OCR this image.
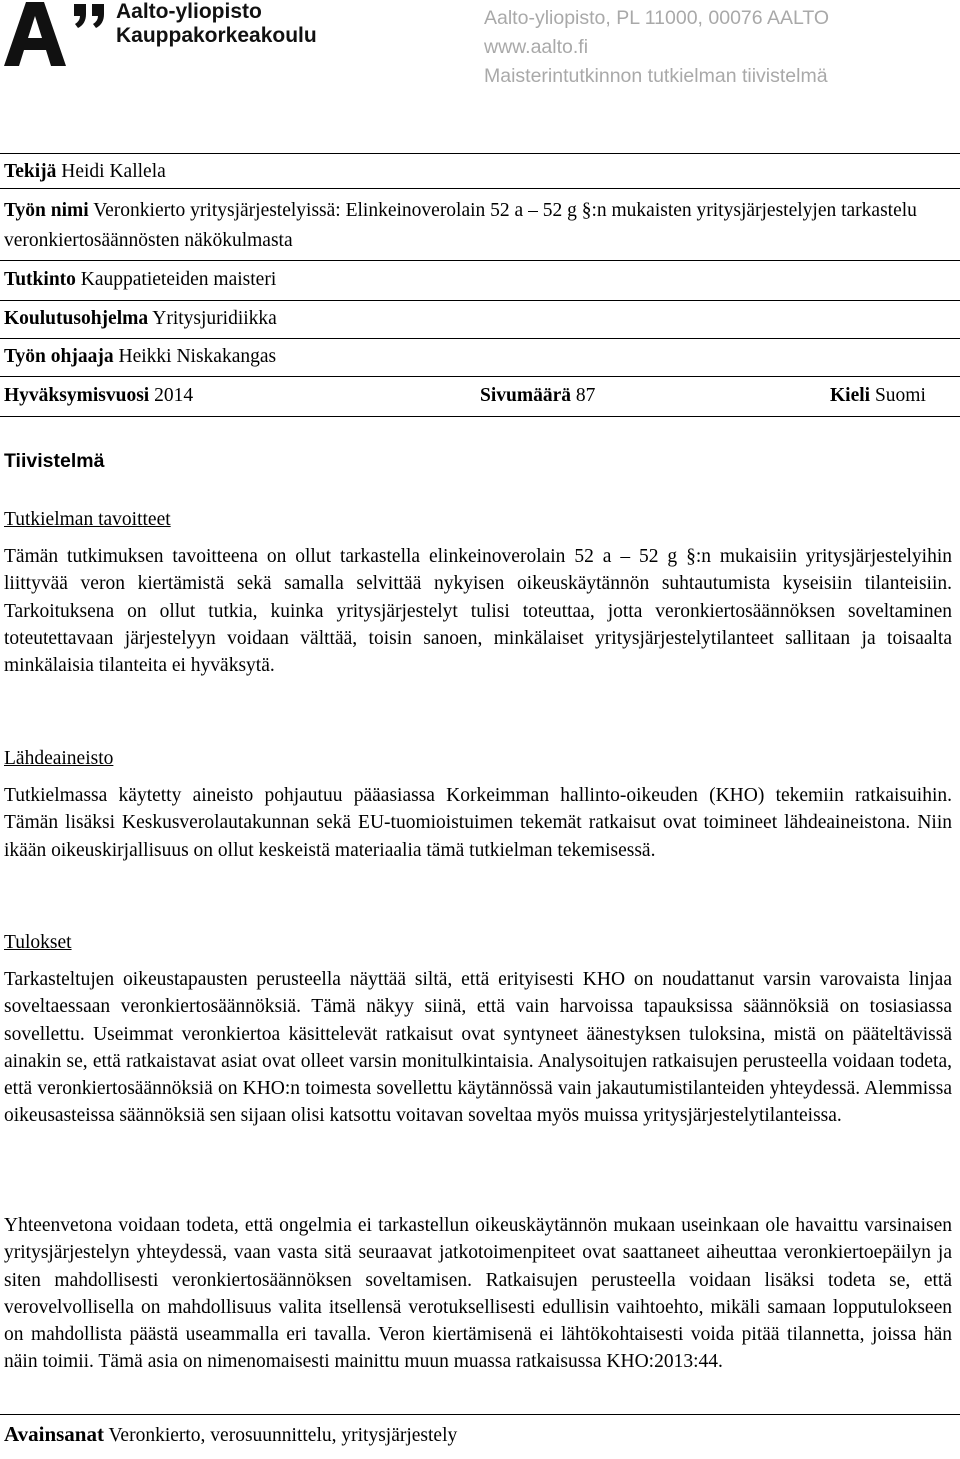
Aalto-yliopisto
Kauppakorkeakoulu
Aalto-yliopisto, PL 11000, 00076 AALTO
www.aalto.fi
Maisterintutkinnon tutkielman tiivistelmä
Tekijä Heidi Kallela
Työn nimi Veronkierto yritysjärjestelyissä: Elinkeinoverolain 52 a – 52 g §:n mukaisten yritysjärjestelyjen tarkastelu veronkiertosäännösten näkökulmasta
Tutkinto Kauppatieteiden maisteri
Koulutusohjelma Yritysjuridiikka
Työn ohjaaja Heikki Niskakangas
Hyväksymisvuosi 2014	Sivumäärä 87	Kieli Suomi
Tiivistelmä
Tutkielman tavoitteet
Tämän tutkimuksen tavoitteena on ollut tarkastella elinkeinoverolain 52 a – 52 g §:n mukaisiin yritysjärjestelyihin liittyvää veron kiertämistä sekä samalla selvittää nykyisen oikeuskäytännön suhtautumista kyseisiin tilanteisiin. Tarkoituksena on ollut tutkia, kuinka yritysjärjestelyt tulisi toteuttaa, jotta veronkiertosäännöksen soveltaminen toteutettavaan järjestelyyn voidaan välttää, toisin sanoen, minkälaiset yritysjärjestelytilanteet sallitaan ja toisaalta minkälaisia tilanteita ei hyväksytä.
Lähdeaineisto
Tutkielmassa käytetty aineisto pohjautuu pääasiassa Korkeimman hallinto-oikeuden (KHO) tekemiin ratkaisuihin. Tämän lisäksi Keskusverolautakunnan sekä EU-tuomioistuimen tekemät ratkaisut ovat toimineet lähdeaineistona. Niin ikään oikeuskirjallisuus on ollut keskeistä materiaalia tämä tutkielman tekemisessä.
Tulokset
Tarkasteltujen oikeustapausten perusteella näyttää siltä, että erityisesti KHO on noudattanut varsin varovaista linjaa soveltaessaan veronkiertosäännöksiä. Tämä näkyy siinä, että vain harvoissa tapauksissa säännöksiä on tosiasiassa sovellettu. Useimmat veronkiertoa käsittelevät ratkaisut ovat syntyneet äänestyksen tuloksina, mistä on pääteltävissä ainakin se, että ratkaistavat asiat ovat olleet varsin monitulkintaisia. Analysoitujen ratkaisujen perusteella voidaan todeta, että veronkiertosäännöksiä on KHO:n toimesta sovellettu käytännössä vain jakautumistilanteiden yhteydessä. Alemmissa oikeusasteissa säännöksiä sen sijaan olisi katsottu voitavan soveltaa myös muissa yritysjärjestelytilanteissa.
Yhteenvetona voidaan todeta, että ongelmia ei tarkastellun oikeuskäytännön mukaan useinkaan ole havaittu varsinaisen yritysjärjestelyn yhteydessä, vaan vasta sitä seuraavat jatkotoimenpiteet ovat saattaneet aiheuttaa veronkiertoepäilyn ja siten mahdollisesti veronkiertosäännöksen soveltamisen. Ratkaisujen perusteella voidaan lisäksi todeta se, että verovelvollisella on mahdollisuus valita itsellensä verotuksellisesti edullisin vaihtoehto, mikäli samaan lopputulokseen on mahdollista päästä useammalla eri tavalla. Veron kiertämisenä ei lähtökohtaisesti voida pitää tilannetta, joissa hän näin toimii. Tämä asia on nimenomaisesti mainittu muun muassa ratkaisussa KHO:2013:44.
Avainsanat Veronkierto, verosuunnittelu, yritysjärjestely
